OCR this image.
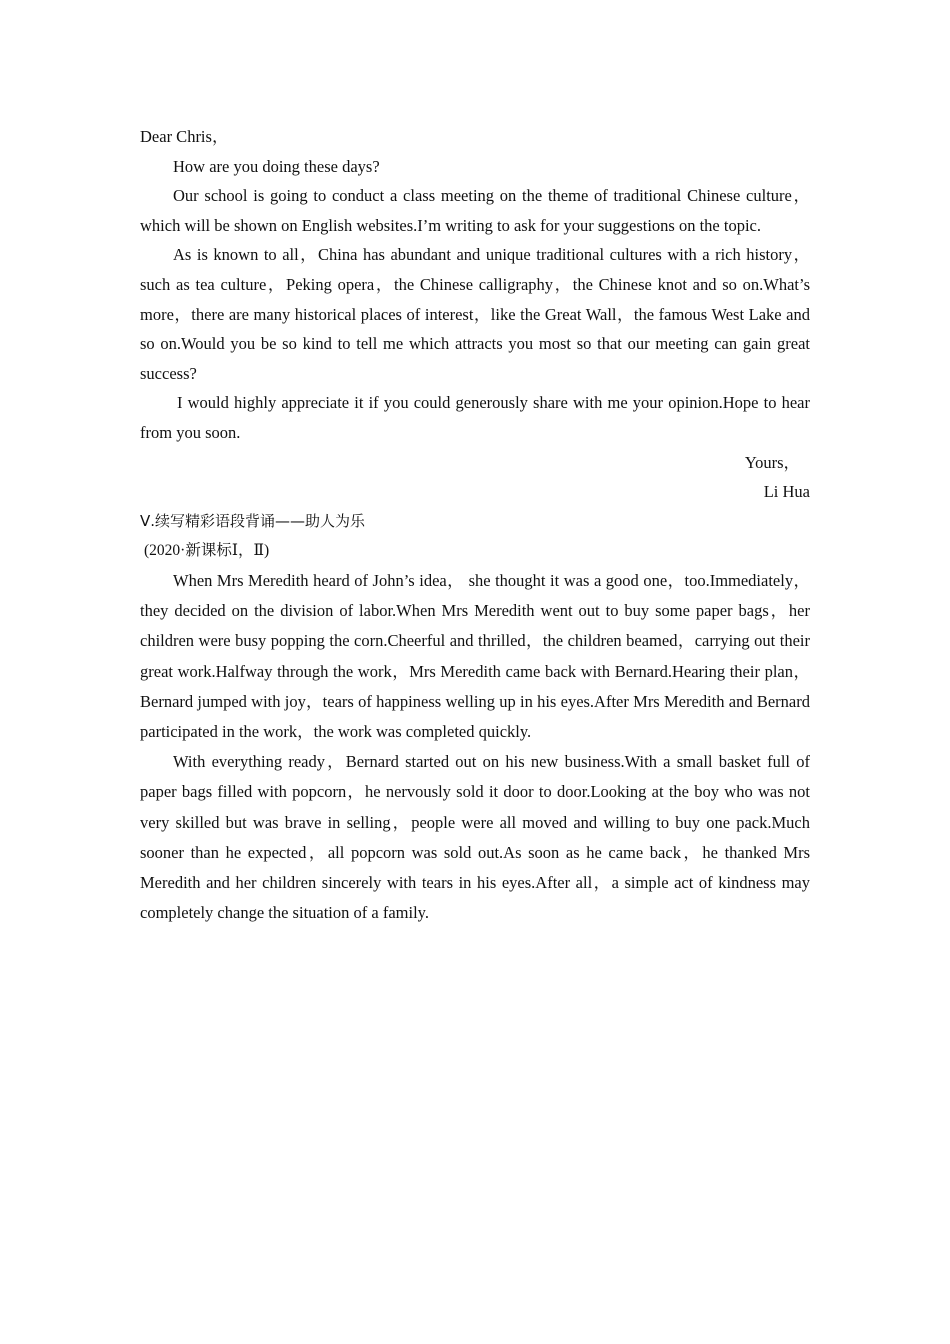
Dear Chris，

How are you doing these days?

Our school is going to conduct a class meeting on the theme of traditional Chinese culture，which will be shown on English websites.I’m writing to ask for your suggestions on the topic.

As is known to all，China has abundant and unique traditional cultures with a rich history，such as tea culture，Peking opera，the Chinese calligraphy，the Chinese knot and so on.What’s more，there are many historical places of interest，like the Great Wall，the famous West Lake and so on.Would you be so kind to tell me which attracts you most so that our meeting can gain great success?

I would highly appreciate it if you could generously share with me your opinion.Hope to hear from you soon.

Yours，

Li Hua

Ⅴ.续写精彩语段背诵——助人为乐

(2020·新课标Ⅰ，Ⅱ)

When Mrs Meredith heard of John’s idea， she thought it was a good one，too.Immediately，they decided on the division of labor.When Mrs Meredith went out to buy some paper bags，her children were busy popping the corn.Cheerful and thrilled，the children beamed，carrying out their great work.Halfway through the work，Mrs Meredith came back with Bernard.Hearing their plan，Bernard jumped with joy，tears of happiness welling up in his eyes.After Mrs Meredith and Bernard participated in the work，the work was completed quickly.

With everything ready，Bernard started out on his new business.With a small basket full of paper bags filled with popcorn，he nervously sold it door to door.Looking at the boy who was not very skilled but was brave in selling，people were all moved and willing to buy one pack.Much sooner than he expected，all popcorn was sold out.As soon as he came back，he thanked Mrs Meredith and her children sincerely with tears in his eyes.After all，a simple act of kindness may completely change the situation of a family.
